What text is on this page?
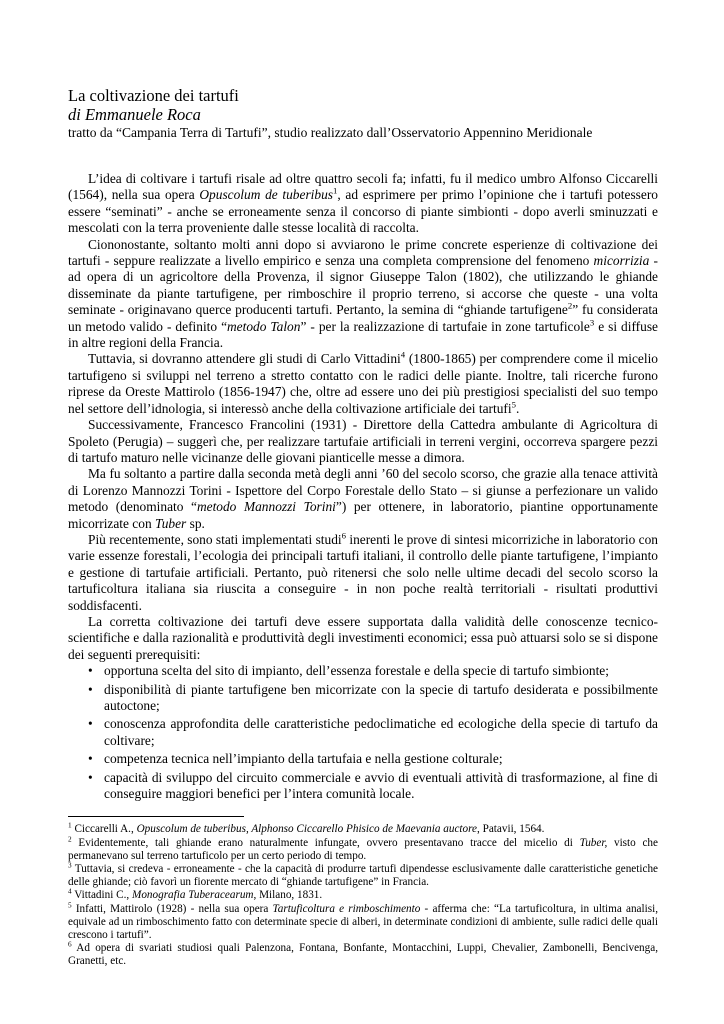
La coltivazione dei tartufi
di Emmanuele Roca
tratto da “Campania Terra di Tartufi”, studio realizzato dall’Osservatorio Appennino Meridionale

L’idea di coltivare i tartufi risale ad oltre quattro secoli fa; infatti, fu il medico umbro Alfonso Ciccarelli (1564), nella sua opera Opuscolum de tuberibus$^1$, ad esprimere per primo l’opinione che i tartufi potessero essere “seminati” - anche se erroneamente senza il concorso di piante simbionti - dopo averli sminuzzati e mescolati con la terra proveniente dalle stesse località di raccolta.

Ciononostante, soltanto molti anni dopo si avviarono le prime concrete esperienze di coltivazione dei tartufi - seppure realizzate a livello empirico e senza una completa comprensione del fenomeno micorrizia - ad opera di un agricoltore della Provenza, il signor Giuseppe Talon (1802), che utilizzando le ghiande disseminate da piante tartufigene, per rimboschire il proprio terreno, si accorse che queste - una volta seminate - originavano querce producenti tartufi. Pertanto, la semina di “ghiande tartufigene$^2$” fu considerata un metodo valido - definito “metodo Talon” - per la realizzazione di tartufaie in zone tartuficole$^3$ e si diffuse in altre regioni della Francia.

Tuttavia, si dovranno attendere gli studi di Carlo Vittadini$^4$ (1800-1865) per comprendere come il micelio tartufigeno si sviluppi nel terreno a stretto contatto con le radici delle piante. Inoltre, tali ricerche furono riprese da Oreste Mattirolo (1856-1947) che, oltre ad essere uno dei più prestigiosi specialisti del suo tempo nel settore dell’idnologia, si interessò anche della coltivazione artificiale dei tartufi$^5$.

Successivamente, Francesco Francolini (1931) - Direttore della Cattedra ambulante di Agricoltura di Spoleto (Perugia) – suggerì che, per realizzare tartufaie artificiali in terreni vergini, occorreva spargere pezzi di tartufo maturo nelle vicinanze delle giovani pianticelle messe a dimora.

Ma fu soltanto a partire dalla seconda metà degli anni ’60 del secolo scorso, che grazie alla tenace attività di Lorenzo Mannozzi Torini - Ispettore del Corpo Forestale dello Stato – si giunse a perfezionare un valido metodo (denominato “metodo Mannozzi Torini”) per ottenere, in laboratorio, piantine opportunamente micorrizate con Tuber sp.

Più recentemente, sono stati implementati studi$^6$ inerenti le prove di sintesi micorriziche in laboratorio con varie essenze forestali, l’ecologia dei principali tartufi italiani, il controllo delle piante tartufigene, l’impianto e gestione di tartufaie artificiali. Pertanto, può ritenersi che solo nelle ultime decadi del secolo scorso la tartuficoltura italiana sia riuscita a conseguire - in non poche realtà territoriali - risultati produttivi soddisfacenti.

La corretta coltivazione dei tartufi deve essere supportata dalla validità delle conoscenze tecnico-scientifiche e dalla razionalità e produttività degli investimenti economici; essa può attuarsi solo se si dispone dei seguenti prerequisiti:

• opportuna scelta del sito di impianto, dell’essenza forestale e della specie di tartufo simbionte;
• disponibilità di piante tartufigene ben micorrizate con la specie di tartufo desiderata e possibilmente autoctone;
• conoscenza approfondita delle caratteristiche pedoclimatiche ed ecologiche della specie di tartufo da coltivare;
• competenza tecnica nell’impianto della tartufaia e nella gestione colturale;
• capacità di sviluppo del circuito commerciale e avvio di eventuali attività di trasformazione, al fine di conseguire maggiori benefici per l’intera comunità locale.

$^1$ Ciccarelli A., Opuscolum de tuberibus, Alphonso Ciccarello Phisico de Maevania auctore, Patavii, 1564.

$^2$ Evidentemente, tali ghiande erano naturalmente infungate, ovvero presentavano tracce del micelio di Tuber, visto che permanevano sul terreno tartuficolo per un certo periodo di tempo.

$^3$ Tuttavia, si credeva - erroneamente - che la capacità di produrre tartufi dipendesse esclusivamente dalle caratteristiche genetiche delle ghiande; ciò favorì un fiorente mercato di “ghiande tartufigene” in Francia.

$^4$ Vittadini C., Monografia Tuberacearum, Milano, 1831.

$^5$ Infatti, Mattirolo (1928) - nella sua opera Tartuficoltura e rimboschimento - afferma che: “La tartuficoltura, in ultima analisi, equivale ad un rimboschimento fatto con determinate specie di alberi, in determinate condizioni di ambiente, sulle radici delle quali crescono i tartufi”.

$^6$ Ad opera di svariati studiosi quali Palenzona, Fontana, Bonfante, Montacchini, Luppi, Chevalier, Zambonelli, Bencivenga, Granetti, etc.
